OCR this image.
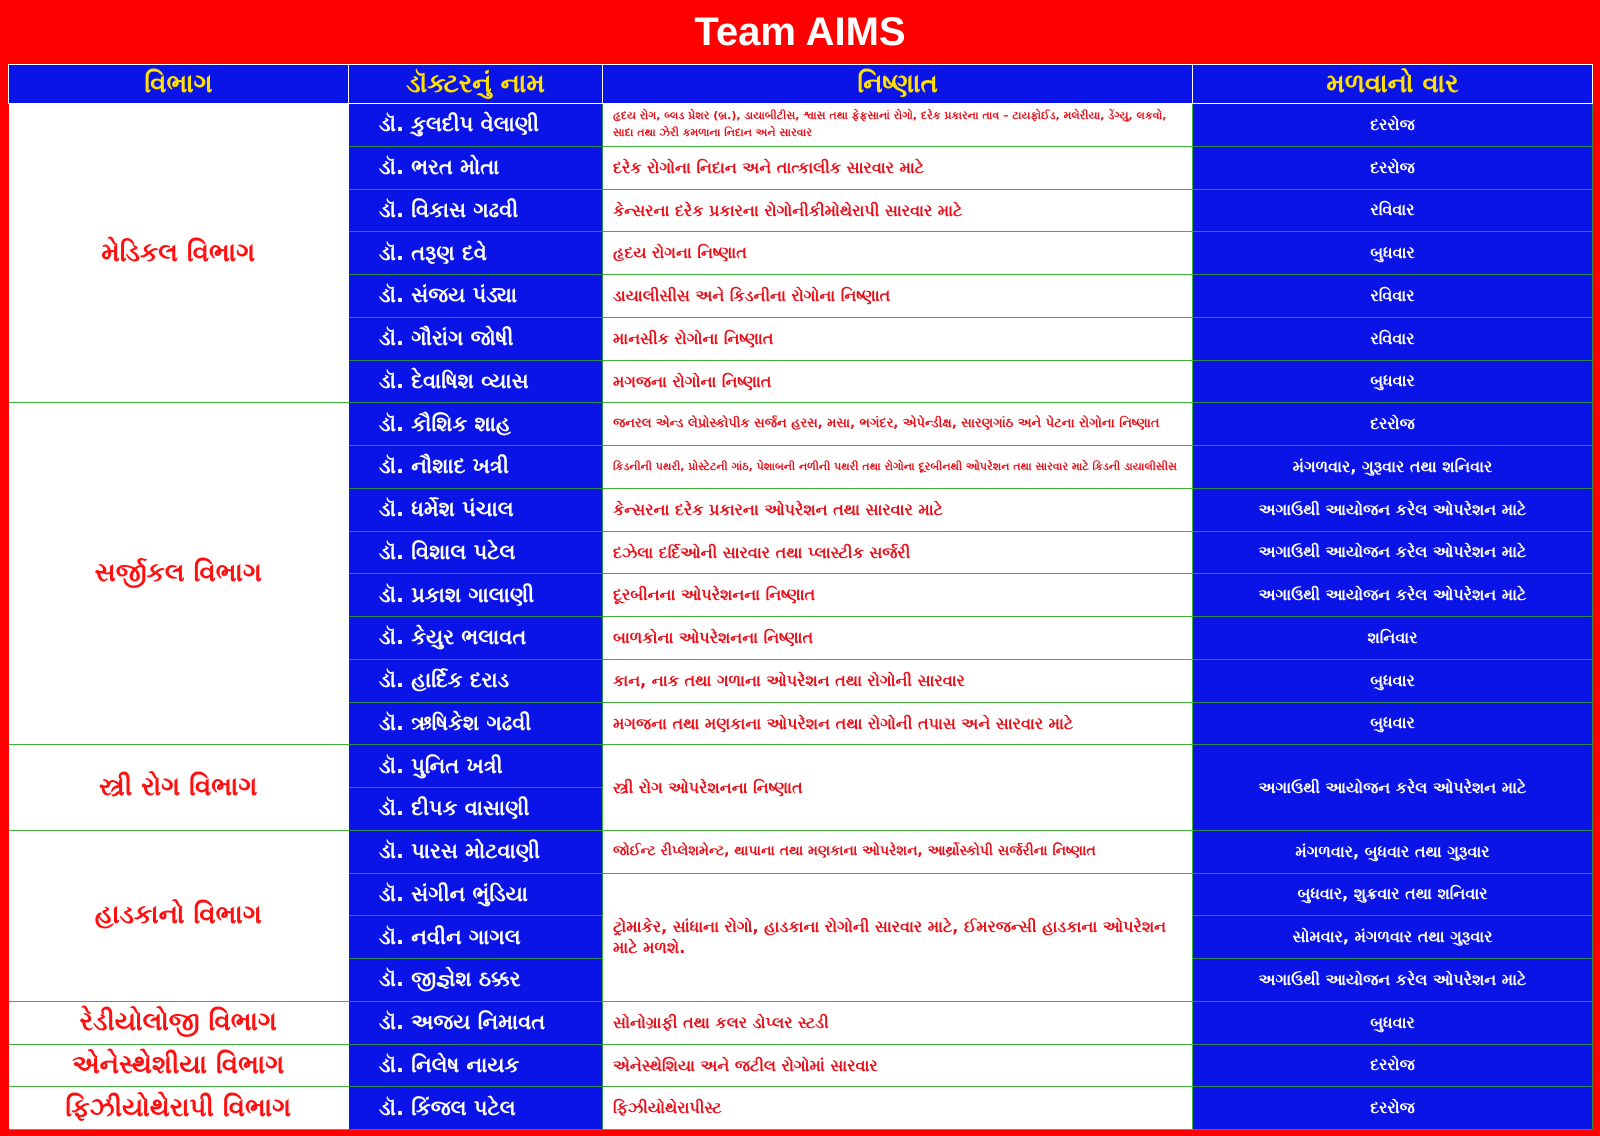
Team AIMS
વિભાગ	ડૉક્ટરનું નામ	નિષ્ણાત	મળવાનો વાર
મેડિકલ વિભાગ	ડૉ. કુલદીપ વેલાણી	હૃદય રોગ, બ્લડ પ્રેશર (બ્ર.), ડાયાબીટીસ, શ્વાસ તથા ફેફસાનાં રોગો, દરેક પ્રકારના તાવ – ટાયફોઈડ, મલેરીયા, ડેંગ્યુ, લકવો, સાદા તથા ઝેરી કમળાના નિદાન અને સારવાર	દરરોજ
	ડૉ. ભરત મોતા	દરેક રોગોના નિદાન અને તાત્કાલીક સારવાર માટે	દરરોજ
	ડૉ. વિકાસ ગઢવી	કેન્સરના દરેક પ્રકારના રોગોનીકીમોથેરાપી સારવાર માટે	રવિવાર
	ડૉ. તરૂણ દવે	હૃદય રોગના નિષ્ણાત	બુધવાર
	ડૉ. સંજય પંડ્યા	ડાયાલીસીસ અને કિડનીના રોગોના નિષ્ણાત	રવિવાર
	ડૉ. ગૌરાંગ જોષી	માનસીક રોગોના નિષ્ણાત	રવિવાર
	ડૉ. દેવાષિશ વ્યાસ	મગજના રોગોના નિષ્ણાત	બુધવાર
સર્જીકલ વિભાગ	ડૉ. કૌશિક શાહ	જનરલ એન્ડ લેપ્રોસ્કોપીક સર્જન હરસ, મસા, ભગંદર, એપેન્ડીક્ષ, સારણગાંઠ અને પેટના રોગોના નિષ્ણાત	દરરોજ
	ડૉ. નૌશાદ ખત્રી	કિડનીની પથરી, પ્રોસ્ટેટની ગાંઠ, પેશાબની નળીની પથરી તથા રોગોના દૂરબીનથી ઓપરેશન તથા સારવાર માટે કિડની ડાયાલીસીસ	મંગળવાર, ગુરૂવાર તથા શનિવાર
	ડૉ. ધર્મેશ પંચાલ	કેન્સરના દરેક પ્રકારના ઓપરેશન તથા સારવાર માટે	અગાઉથી આયોજન કરેલ ઓપરેશન માટે
	ડૉ. વિશાલ પટેલ	દઝેલા દર્દિઓની સારવાર તથા પ્લાસ્ટીક સર્જરી	અગાઉથી આયોજન કરેલ ઓપરેશન માટે
	ડૉ. પ્રકાશ ગાલાણી	દૂરબીનના ઓપરેશનના નિષ્ણાત	અગાઉથી આયોજન કરેલ ઓપરેશન માટે
	ડૉ. કેયુર ભલાવત	બાળકોના ઓપરેશનના નિષ્ણાત	શનિવાર
	ડૉ. હાર્દિક દરાડ	કાન, નાક તથા ગળાના ઓપરેશન તથા રોગોની સારવાર	બુધવાર
	ડૉ. ઋષિકેશ ગઢવી	મગજના તથા મણકાના ઓપરેશન તથા રોગોની તપાસ અને સારવાર માટે	બુધવાર
સ્ત્રી રોગ વિભાગ	ડૉ. પુનિત ખત્રી	સ્ત્રી રોગ ઓપરેશનના નિષ્ણાત	અગાઉથી આયોજન કરેલ ઓપરેશન માટે
	ડૉ. દીપક વાસાણી		
હાડકાનો વિભાગ	ડૉ. પારસ મોટવાણી	જોઈન્ટ રીપ્લેશમેન્ટ, થાપાના તથા મણકાના ઓપરેશન, આર્થ્રોસ્કોપી સર્જરીના નિષ્ણાત	મંગળવાર, બુધવાર તથા ગુરૂવાર
	ડૉ. સંગીન ભુંડિયા	ટ્રોમાકેર, સાંધાના રોગો, હાડકાના રોગોની સારવાર માટે, ઈમરજન્સી હાડકાના ઓપરેશન માટે મળશે.	બુધવાર, શુક્રવાર તથા શનિવાર
	ડૉ. નવીન ગાગલ		સોમવાર, મંગળવાર તથા ગુરૂવાર
	ડૉ. જીજ્ઞેશ ઠક્કર		અગાઉથી આયોજન કરેલ ઓપરેશન માટે
રેડીયોલોજી વિભાગ	ડૉ. અજય નિમાવત	સોનોગ્રાફી તથા કલર ડોપ્લર સ્ટડી	બુધવાર
એનેસ્થેશીયા વિભાગ	ડૉ. નિલેષ નાયક	એનેસ્થેશિયા અને જટીલ રોગોમાં સારવાર	દરરોજ
ફિઝીયોથેરાપી વિભાગ	ડૉ. કિંજલ પટેલ	ફિઝીયોથેરાપીસ્ટ	દરરોજ
